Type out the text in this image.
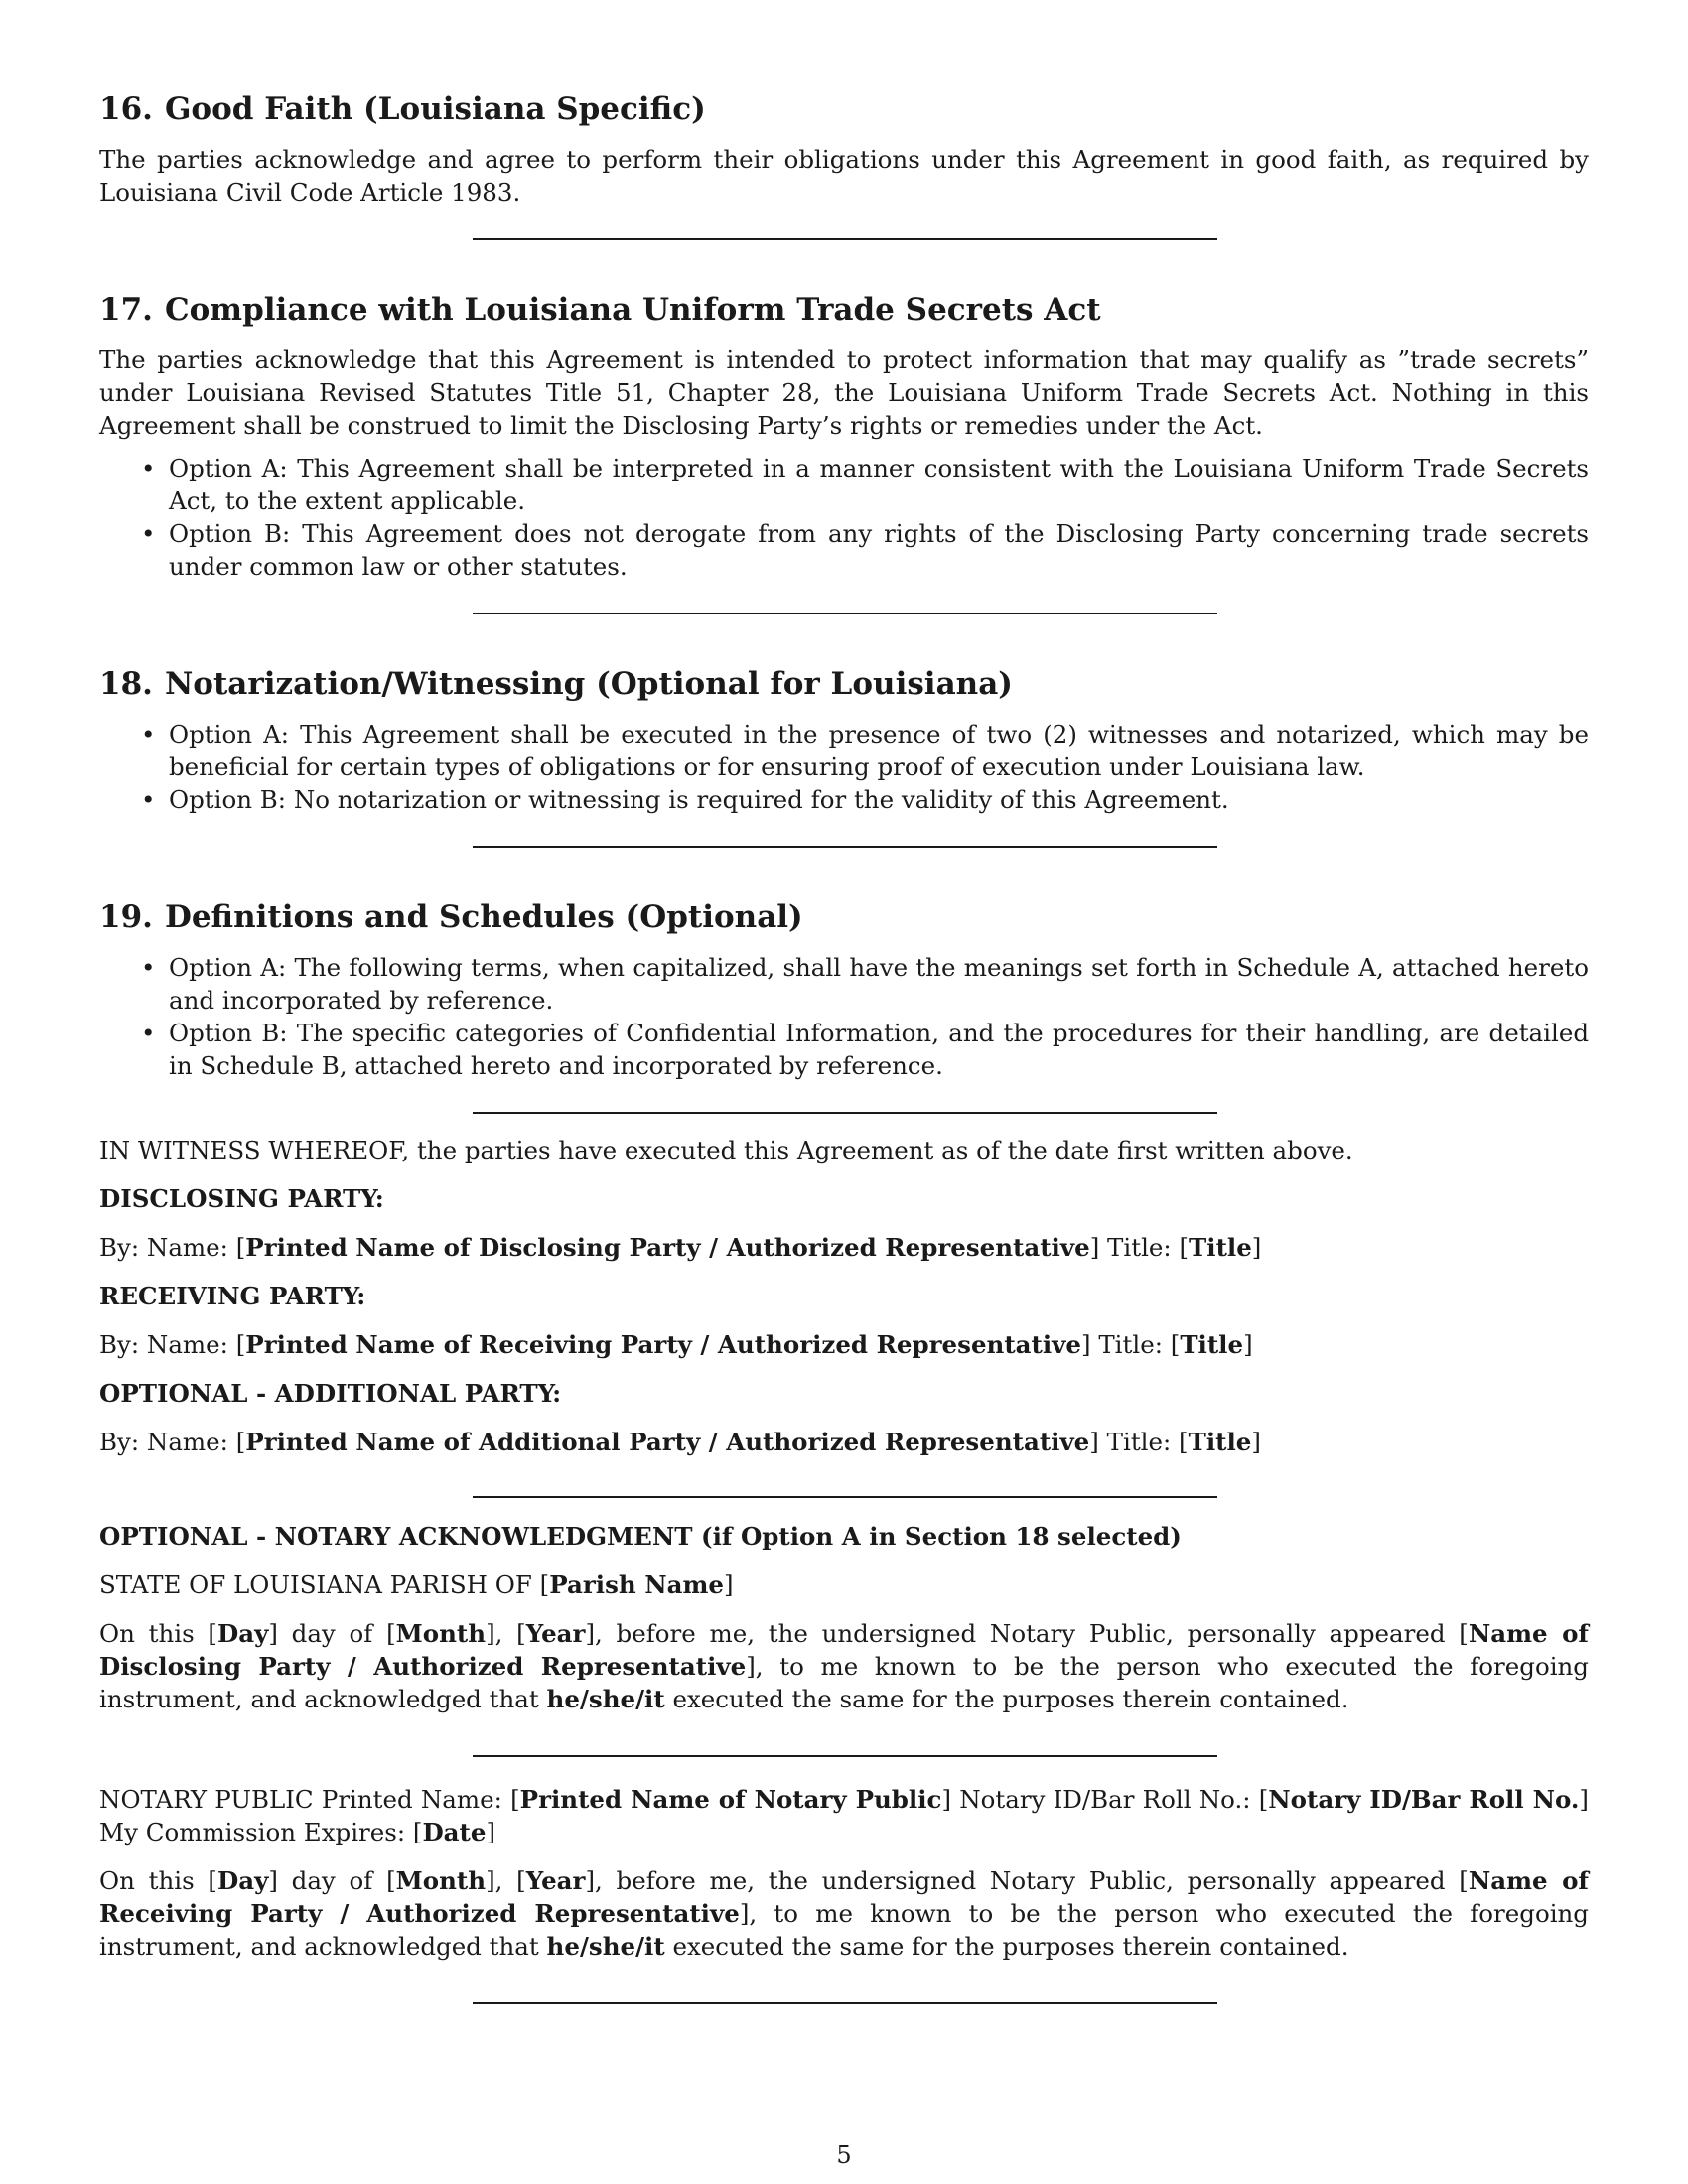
16. Good Faith (Louisiana Specific)

The parties acknowledge and agree to perform their obligations under this Agreement in good faith, as required by Louisiana Civil Code Article 1983.

17. Compliance with Louisiana Uniform Trade Secrets Act

The parties acknowledge that this Agreement is intended to protect information that may qualify as ”trade secrets” under Louisiana Revised Statutes Title 51, Chapter 28, the Louisiana Uniform Trade Secrets Act. Nothing in this Agreement shall be construed to limit the Disclosing Party’s rights or remedies under the Act.

• Option A: This Agreement shall be interpreted in a manner consistent with the Louisiana Uniform Trade Secrets Act, to the extent applicable.
• Option B: This Agreement does not derogate from any rights of the Disclosing Party concerning trade secrets under common law or other statutes.
18. Notarization/Witnessing (Optional for Louisiana)
• Option A: This Agreement shall be executed in the presence of two (2) witnesses and notarized, which may be beneficial for certain types of obligations or for ensuring proof of execution under Louisiana law.
• Option B: No notarization or witnessing is required for the validity of this Agreement.
19. Definitions and Schedules (Optional)
• Option A: The following terms, when capitalized, shall have the meanings set forth in Schedule A, attached hereto and incorporated by reference.
• Option B: The specific categories of Confidential Information, and the procedures for their handling, are detailed in Schedule B, attached hereto and incorporated by reference.

IN WITNESS WHEREOF, the parties have executed this Agreement as of the date first written above.

DISCLOSING PARTY:

By: Name: [Printed Name of Disclosing Party / Authorized Representative] Title: [Title]

RECEIVING PARTY:

By: Name: [Printed Name of Receiving Party / Authorized Representative] Title: [Title]

OPTIONAL - ADDITIONAL PARTY:

By: Name: [Printed Name of Additional Party / Authorized Representative] Title: [Title]

OPTIONAL - NOTARY ACKNOWLEDGMENT (if Option A in Section 18 selected)

STATE OF LOUISIANA PARISH OF [Parish Name]

On this [Day] day of [Month], [Year], before me, the undersigned Notary Public, personally appeared [Name of Disclosing Party / Authorized Representative], to me known to be the person who executed the foregoing instrument, and acknowledged that he/she/it executed the same for the purposes therein contained.

NOTARY PUBLIC Printed Name: [Printed Name of Notary Public] Notary ID/Bar Roll No.: [Notary ID/Bar Roll No.] My Commission Expires: [Date]

On this [Day] day of [Month], [Year], before me, the undersigned Notary Public, personally appeared [Name of Receiving Party / Authorized Representative], to me known to be the person who executed the foregoing instrument, and acknowledged that he/she/it executed the same for the purposes therein contained.

5
